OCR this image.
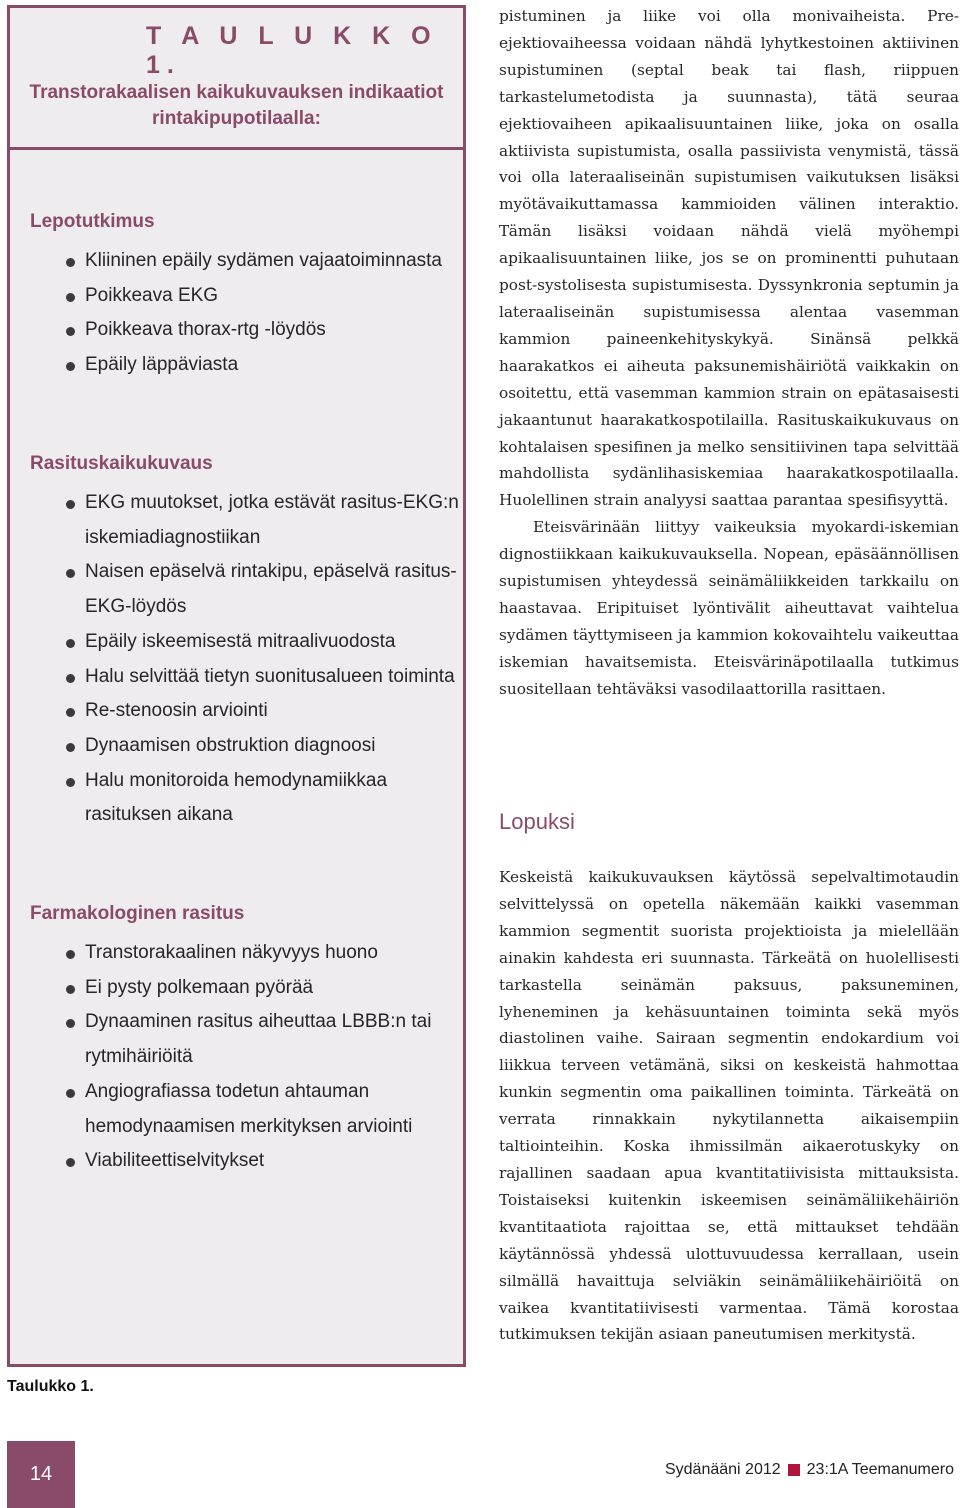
T A U L U K K O 1.
Transtorakaalisen kaikukuvauksen indikaatiot rintakipupotilaalla:
Lepotutkimus
Kliininen epäily sydämen vajaatoiminnasta
Poikkeava EKG
Poikkeava thorax-rtg -löydös
Epäily läppäviasta
Rasituskaikukuvaus
EKG muutokset, jotka estävät rasitus-EKG:n iskemiadiagnostiikan
Naisen epäselvä rintakipu, epäselvä rasitus-EKG-löydös
Epäily iskeemisestä mitraalivuodosta
Halu selvittää tietyn suonitusalueen toiminta
Re-stenoosin arviointi
Dynaamisen obstruktion diagnoosi
Halu monitoroida hemodynamiikkaa rasituksen aikana
Farmakologinen rasitus
Transtorakaalinen näkyvyys huono
Ei pysty polkemaan pyörää
Dynaaminen rasitus aiheuttaa LBBB:n tai rytmihäiriöitä
Angiografiassa todetun ahtauman hemodynaamisen merkityksen arviointi
Viabiliteettiselvitykset
Taulukko 1.

pistuminen ja liike voi olla monivaiheista. Pre-ejektiovaiheessa voidaan nähdä lyhytkestoinen aktiivinen supistuminen (septal beak tai flash, riippuen tarkastelumetodista ja suunnasta), tätä seuraa ejektiovaiheen apikaalisuuntainen liike, joka on osalla aktiivista supistumista, osalla passiivista venymistä, tässä voi olla lateraaliseinän supistumisen vaikutuksen lisäksi myötävaikuttamassa kammioiden välinen interaktio. Tämän lisäksi voidaan nähdä vielä myöhempi apikaalisuuntainen liike, jos se on prominentti puhutaan post-systolisesta supistumisesta. Dyssynkronia septumin ja lateraaliseinän supistumisessa alentaa vasemman kammion paineenkehityskykyä. Sinänsä pelkkä haarakatkos ei aiheuta paksunemishäiriötä vaikkakin on osoitettu, että vasemman kammion strain on epätasaisesti jakaantunut haarakatkospotilailla. Rasituskaikukuvaus on kohtalaisen spesifinen ja melko sensitiivinen tapa selvittää mahdollista sydänlihasiskemiaa haarakatkospotilaalla. Huolellinen strain analyysi saattaa parantaa spesifisyyttä.

Eteisvärinään liittyy vaikeuksia myokardi-iskemian dignostiikkaan kaikukuvauksella. Nopean, epäsäännöllisen supistumisen yhteydessä seinämäliikkeiden tarkkailu on haastavaa. Eripituiset lyöntivälit aiheuttavat vaihtelua sydämen täyttymiseen ja kammion kokovaihtelu vaikeuttaa iskemian havaitsemista. Eteisvärinäpotilaalla tutkimus suositellaan tehtäväksi vasodilaattorilla rasittaen.

Lopuksi

Keskeistä kaikukuvauksen käytössä sepelvaltimotaudin selvittelyssä on opetella näkemään kaikki vasemman kammion segmentit suorista projektioista ja mielellään ainakin kahdesta eri suunnasta. Tärkeätä on huolellisesti tarkastella seinämän paksuus, paksuneminen, lyheneminen ja kehäsuuntainen toiminta sekä myös diastolinen vaihe. Sairaan segmentin endokardium voi liikkua terveen vetämänä, siksi on keskeistä hahmottaa kunkin segmentin oma paikallinen toiminta. Tärkeätä on verrata rinnakkain nykytilannetta aikaisempiin taltiointeihin. Koska ihmissilmän aikaerotuskyky on rajallinen saadaan apua kvantitatiivisista mittauksista. Toistaiseksi kuitenkin iskeemisen seinämäliikehäiriön kvantitaatiota rajoittaa se, että mittaukset tehdään käytännössä yhdessä ulottuvuudessa kerrallaan, usein silmällä havaittuja selviäkin seinämäliikehäiriöitä on vaikea kvantitatiivisesti varmentaa. Tämä korostaa tutkimuksen tekijän asiaan paneutumisen merkitystä.

14	Sydänääni 2012 23:1A Teemanumero
